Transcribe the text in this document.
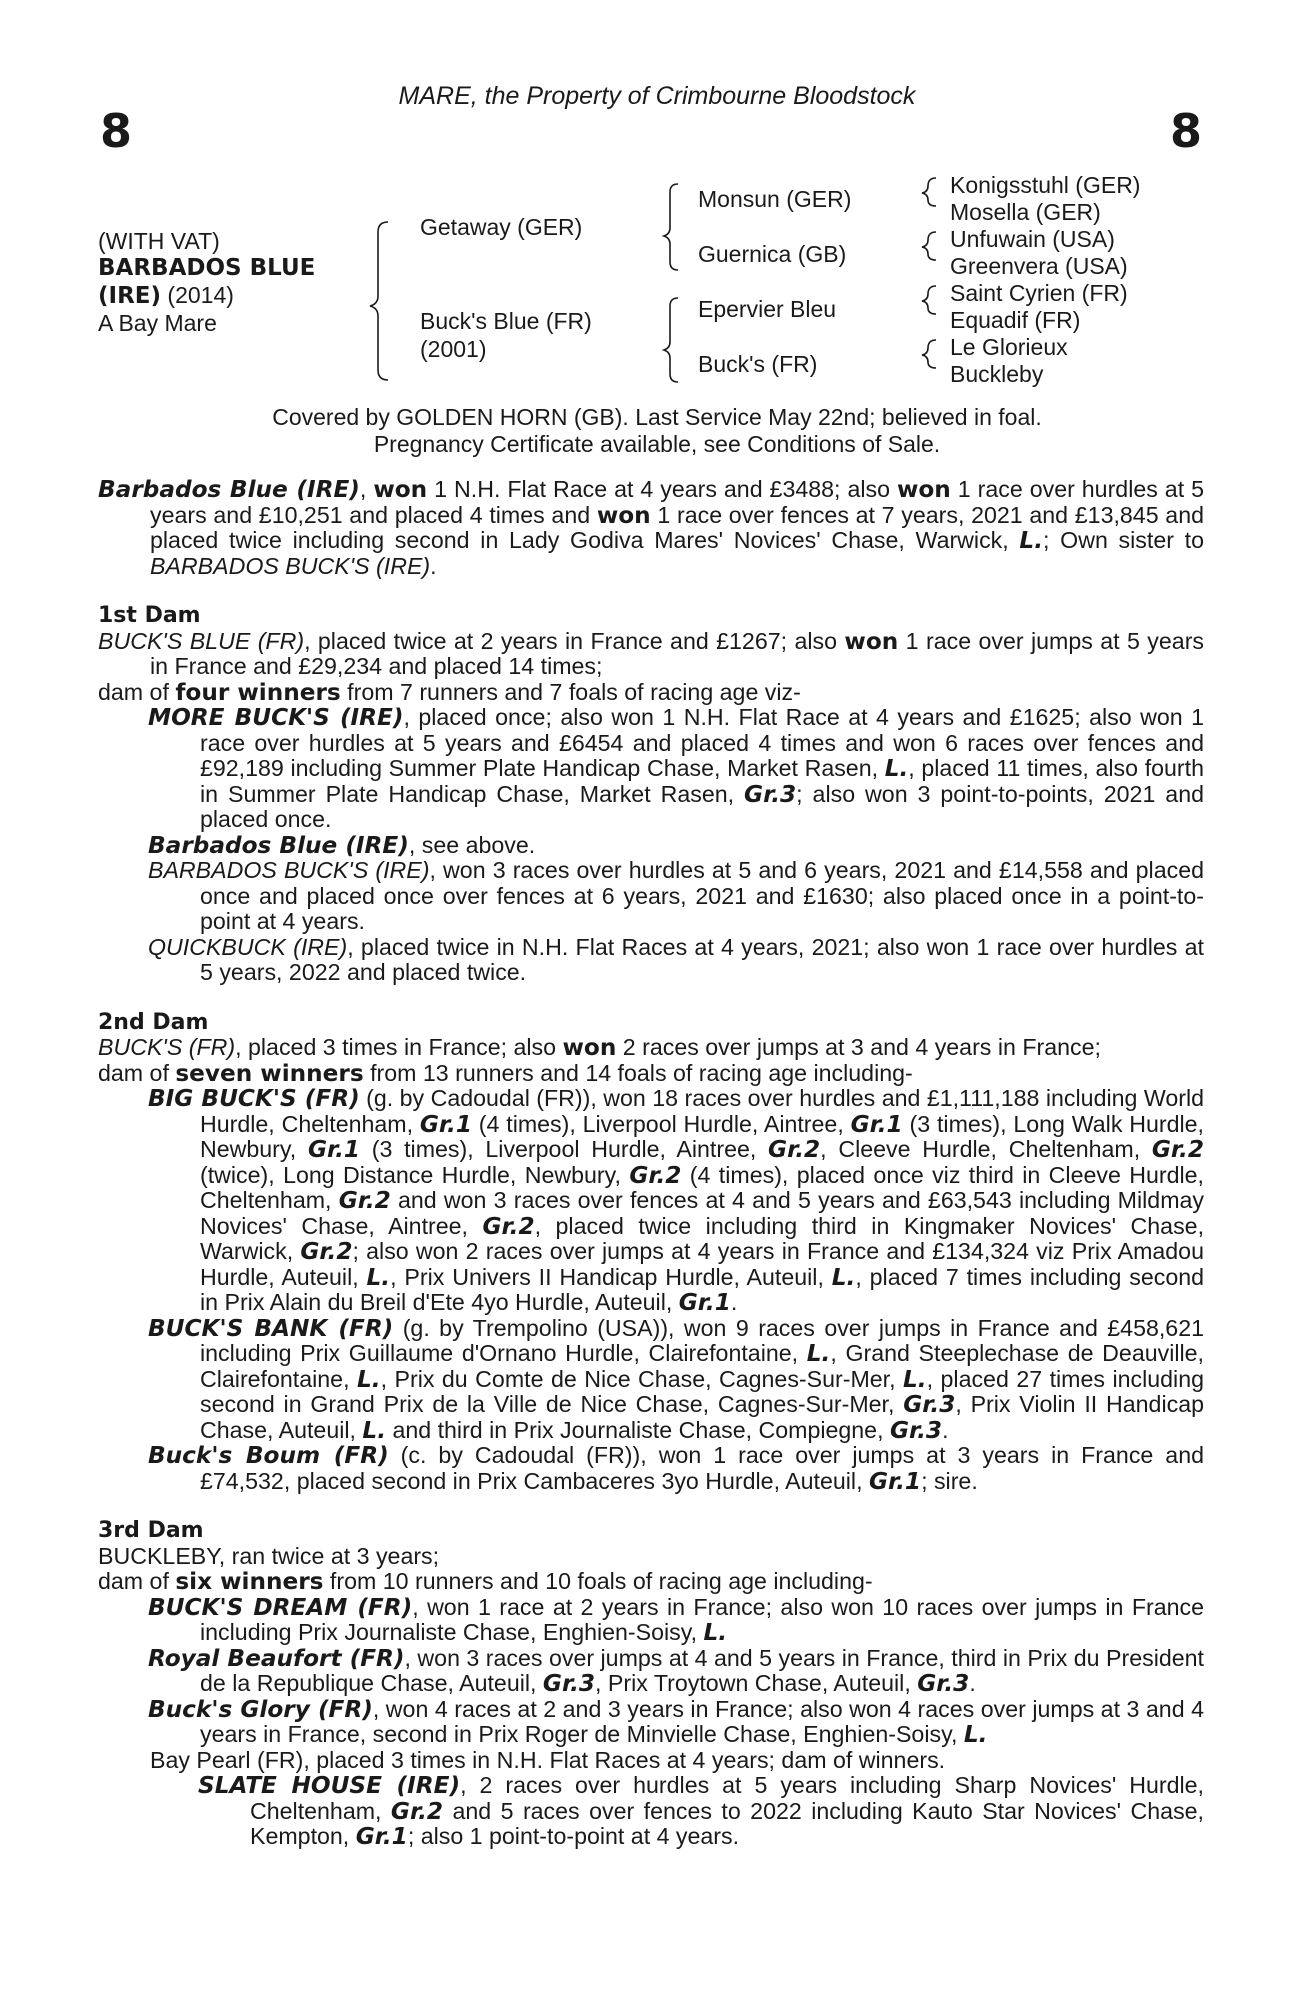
MARE, the Property of Crimbourne Bloodstock
8	8
(WITH VAT)
BARBADOS BLUE
(IRE) (2014)
A Bay Mare
Getaway (GER)
Buck's Blue (FR)
(2001)
Monsun (GER)
Guernica (GB)
Epervier Bleu
Buck's (FR)
Konigsstuhl (GER)
Mosella (GER)
Unfuwain (USA)
Greenvera (USA)
Saint Cyrien (FR)
Equadif (FR)
Le Glorieux
Buckleby
Covered by GOLDEN HORN (GB). Last Service May 22nd; believed in foal.
Pregnancy Certificate available, see Conditions of Sale.

Barbados Blue (IRE), won 1 N.H. Flat Race at 4 years and £3488; also won 1 race over hurdles at 5 years and £10,251 and placed 4 times and won 1 race over fences at 7 years, 2021 and £13,845 and placed twice including second in Lady Godiva Mares' Novices' Chase, Warwick, L.; Own sister to BARBADOS BUCK'S (IRE).

1st Dam

BUCK'S BLUE (FR), placed twice at 2 years in France and £1267; also won 1 race over jumps at 5 years in France and £29,234 and placed 14 times;

dam of four winners from 7 runners and 7 foals of racing age viz-

MORE BUCK'S (IRE), placed once; also won 1 N.H. Flat Race at 4 years and £1625; also won 1 race over hurdles at 5 years and £6454 and placed 4 times and won 6 races over fences and £92,189 including Summer Plate Handicap Chase, Market Rasen, L., placed 11 times, also fourth in Summer Plate Handicap Chase, Market Rasen, Gr.3; also won 3 point-to-points, 2021 and placed once.

Barbados Blue (IRE), see above.

BARBADOS BUCK'S (IRE), won 3 races over hurdles at 5 and 6 years, 2021 and £14,558 and placed once and placed once over fences at 6 years, 2021 and £1630; also placed once in a point-to-point at 4 years.

QUICKBUCK (IRE), placed twice in N.H. Flat Races at 4 years, 2021; also won 1 race over hurdles at 5 years, 2022 and placed twice.

2nd Dam

BUCK'S (FR), placed 3 times in France; also won 2 races over jumps at 3 and 4 years in France;

dam of seven winners from 13 runners and 14 foals of racing age including-

BIG BUCK'S (FR) (g. by Cadoudal (FR)), won 18 races over hurdles and £1,111,188 including World Hurdle, Cheltenham, Gr.1 (4 times), Liverpool Hurdle, Aintree, Gr.1 (3 times), Long Walk Hurdle, Newbury, Gr.1 (3 times), Liverpool Hurdle, Aintree, Gr.2, Cleeve Hurdle, Cheltenham, Gr.2 (twice), Long Distance Hurdle, Newbury, Gr.2 (4 times), placed once viz third in Cleeve Hurdle, Cheltenham, Gr.2 and won 3 races over fences at 4 and 5 years and £63,543 including Mildmay Novices' Chase, Aintree, Gr.2, placed twice including third in Kingmaker Novices' Chase, Warwick, Gr.2; also won 2 races over jumps at 4 years in France and £134,324 viz Prix Amadou Hurdle, Auteuil, L., Prix Univers II Handicap Hurdle, Auteuil, L., placed 7 times including second in Prix Alain du Breil d'Ete 4yo Hurdle, Auteuil, Gr.1.

BUCK'S BANK (FR) (g. by Trempolino (USA)), won 9 races over jumps in France and £458,621 including Prix Guillaume d'Ornano Hurdle, Clairefontaine, L., Grand Steeplechase de Deauville, Clairefontaine, L., Prix du Comte de Nice Chase, Cagnes-Sur-Mer, L., placed 27 times including second in Grand Prix de la Ville de Nice Chase, Cagnes-Sur-Mer, Gr.3, Prix Violin II Handicap Chase, Auteuil, L. and third in Prix Journaliste Chase, Compiegne, Gr.3.

Buck's Boum (FR) (c. by Cadoudal (FR)), won 1 race over jumps at 3 years in France and £74,532, placed second in Prix Cambaceres 3yo Hurdle, Auteuil, Gr.1; sire.

3rd Dam

BUCKLEBY, ran twice at 3 years;

dam of six winners from 10 runners and 10 foals of racing age including-

BUCK'S DREAM (FR), won 1 race at 2 years in France; also won 10 races over jumps in France including Prix Journaliste Chase, Enghien-Soisy, L.

Royal Beaufort (FR), won 3 races over jumps at 4 and 5 years in France, third in Prix du President de la Republique Chase, Auteuil, Gr.3, Prix Troytown Chase, Auteuil, Gr.3.

Buck's Glory (FR), won 4 races at 2 and 3 years in France; also won 4 races over jumps at 3 and 4 years in France, second in Prix Roger de Minvielle Chase, Enghien-Soisy, L.

Bay Pearl (FR), placed 3 times in N.H. Flat Races at 4 years; dam of winners.

SLATE HOUSE (IRE), 2 races over hurdles at 5 years including Sharp Novices' Hurdle, Cheltenham, Gr.2 and 5 races over fences to 2022 including Kauto Star Novices' Chase, Kempton, Gr.1; also 1 point-to-point at 4 years.
